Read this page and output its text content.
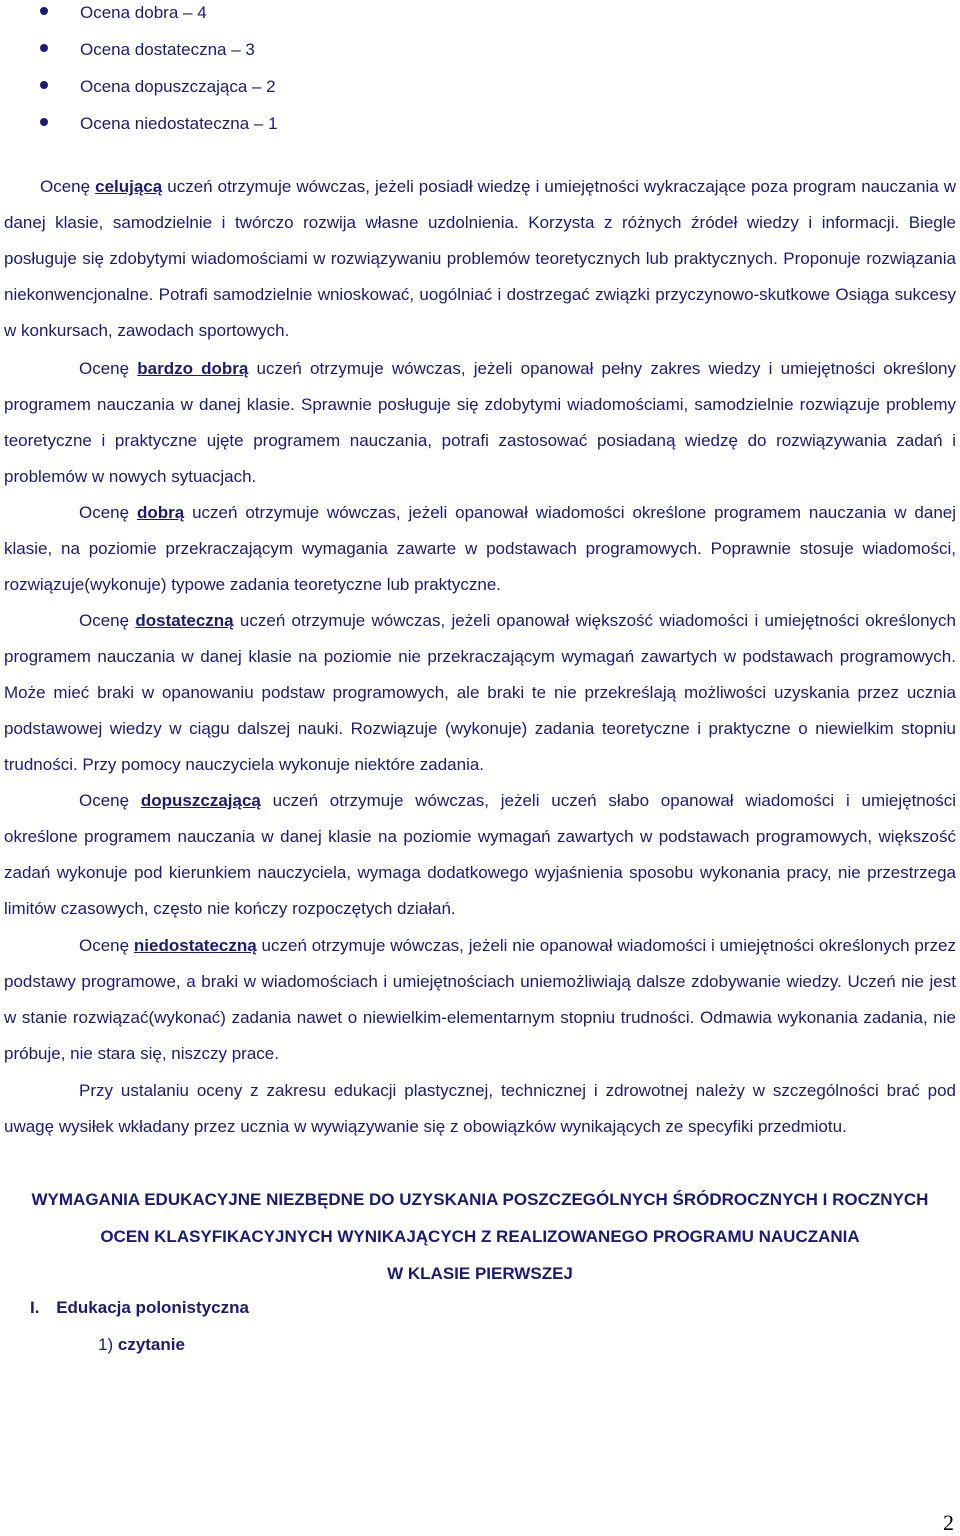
Ocena dobra – 4
Ocena dostateczna – 3
Ocena dopuszczająca – 2
Ocena niedostateczna – 1

Ocenę celującą uczeń otrzymuje wówczas, jeżeli posiadł wiedzę i umiejętności wykraczające poza program nauczania w danej klasie, samodzielnie i twórczo rozwija własne uzdolnienia. Korzysta z różnych źródeł wiedzy i informacji. Biegle posługuje się zdobytymi wiadomościami w rozwiązywaniu problemów teoretycznych lub praktycznych. Proponuje rozwiązania niekonwencjonalne. Potrafi samodzielnie wnioskować, uogólniać i dostrzegać związki przyczynowo-skutkowe Osiąga sukcesy w konkursach, zawodach sportowych.

Ocenę bardzo dobrą uczeń otrzymuje wówczas, jeżeli opanował pełny zakres wiedzy i umiejętności określony programem nauczania w danej klasie. Sprawnie posługuje się zdobytymi wiadomościami, samodzielnie rozwiązuje problemy teoretyczne i praktyczne ujęte programem nauczania, potrafi zastosować posiadaną wiedzę do rozwiązywania zadań i problemów w nowych sytuacjach.

Ocenę dobrą uczeń otrzymuje wówczas, jeżeli opanował wiadomości określone programem nauczania w danej klasie, na poziomie przekraczającym wymagania zawarte w podstawach programowych. Poprawnie stosuje wiadomości, rozwiązuje(wykonuje) typowe zadania teoretyczne lub praktyczne.

Ocenę dostateczną uczeń otrzymuje wówczas, jeżeli opanował większość wiadomości i umiejętności określonych programem nauczania w danej klasie na poziomie nie przekraczającym wymagań zawartych w podstawach programowych. Może mieć braki w opanowaniu podstaw programowych, ale braki te nie przekreślają możliwości uzyskania przez ucznia podstawowej wiedzy w ciągu dalszej nauki. Rozwiązuje (wykonuje) zadania teoretyczne i praktyczne o niewielkim stopniu trudności. Przy pomocy nauczyciela wykonuje niektóre zadania.

Ocenę dopuszczającą uczeń otrzymuje wówczas, jeżeli uczeń słabo opanował wiadomości i umiejętności określone programem nauczania w danej klasie na poziomie wymagań zawartych w podstawach programowych, większość zadań wykonuje pod kierunkiem nauczyciela, wymaga dodatkowego wyjaśnienia sposobu wykonania pracy, nie przestrzega limitów czasowych, często nie kończy rozpoczętych działań.

Ocenę niedostateczną uczeń otrzymuje wówczas, jeżeli nie opanował wiadomości i umiejętności określonych przez podstawy programowe, a braki w wiadomościach i umiejętnościach uniemożliwiają dalsze zdobywanie wiedzy. Uczeń nie jest w stanie rozwiązać(wykonać) zadania nawet o niewielkim-elementarnym stopniu trudności. Odmawia wykonania zadania, nie próbuje, nie stara się, niszczy prace.

Przy ustalaniu oceny z zakresu edukacji plastycznej, technicznej i zdrowotnej należy w szczególności brać pod uwagę wysiłek wkładany przez ucznia w wywiązywanie się z obowiązków wynikających ze specyfiki przedmiotu.

WYMAGANIA EDUKACYJNE NIEZBĘDNE DO UZYSKANIA POSZCZEGÓLNYCH ŚRÓDROCZNYCH I ROCZNYCH
OCEN KLASYFIKACYJNYCH WYNIKAJĄCYCH Z REALIZOWANEGO PROGRAMU NAUCZANIA
W KLASIE PIERWSZEJ
I. Edukacja polonistyczna
1) czytanie
2
